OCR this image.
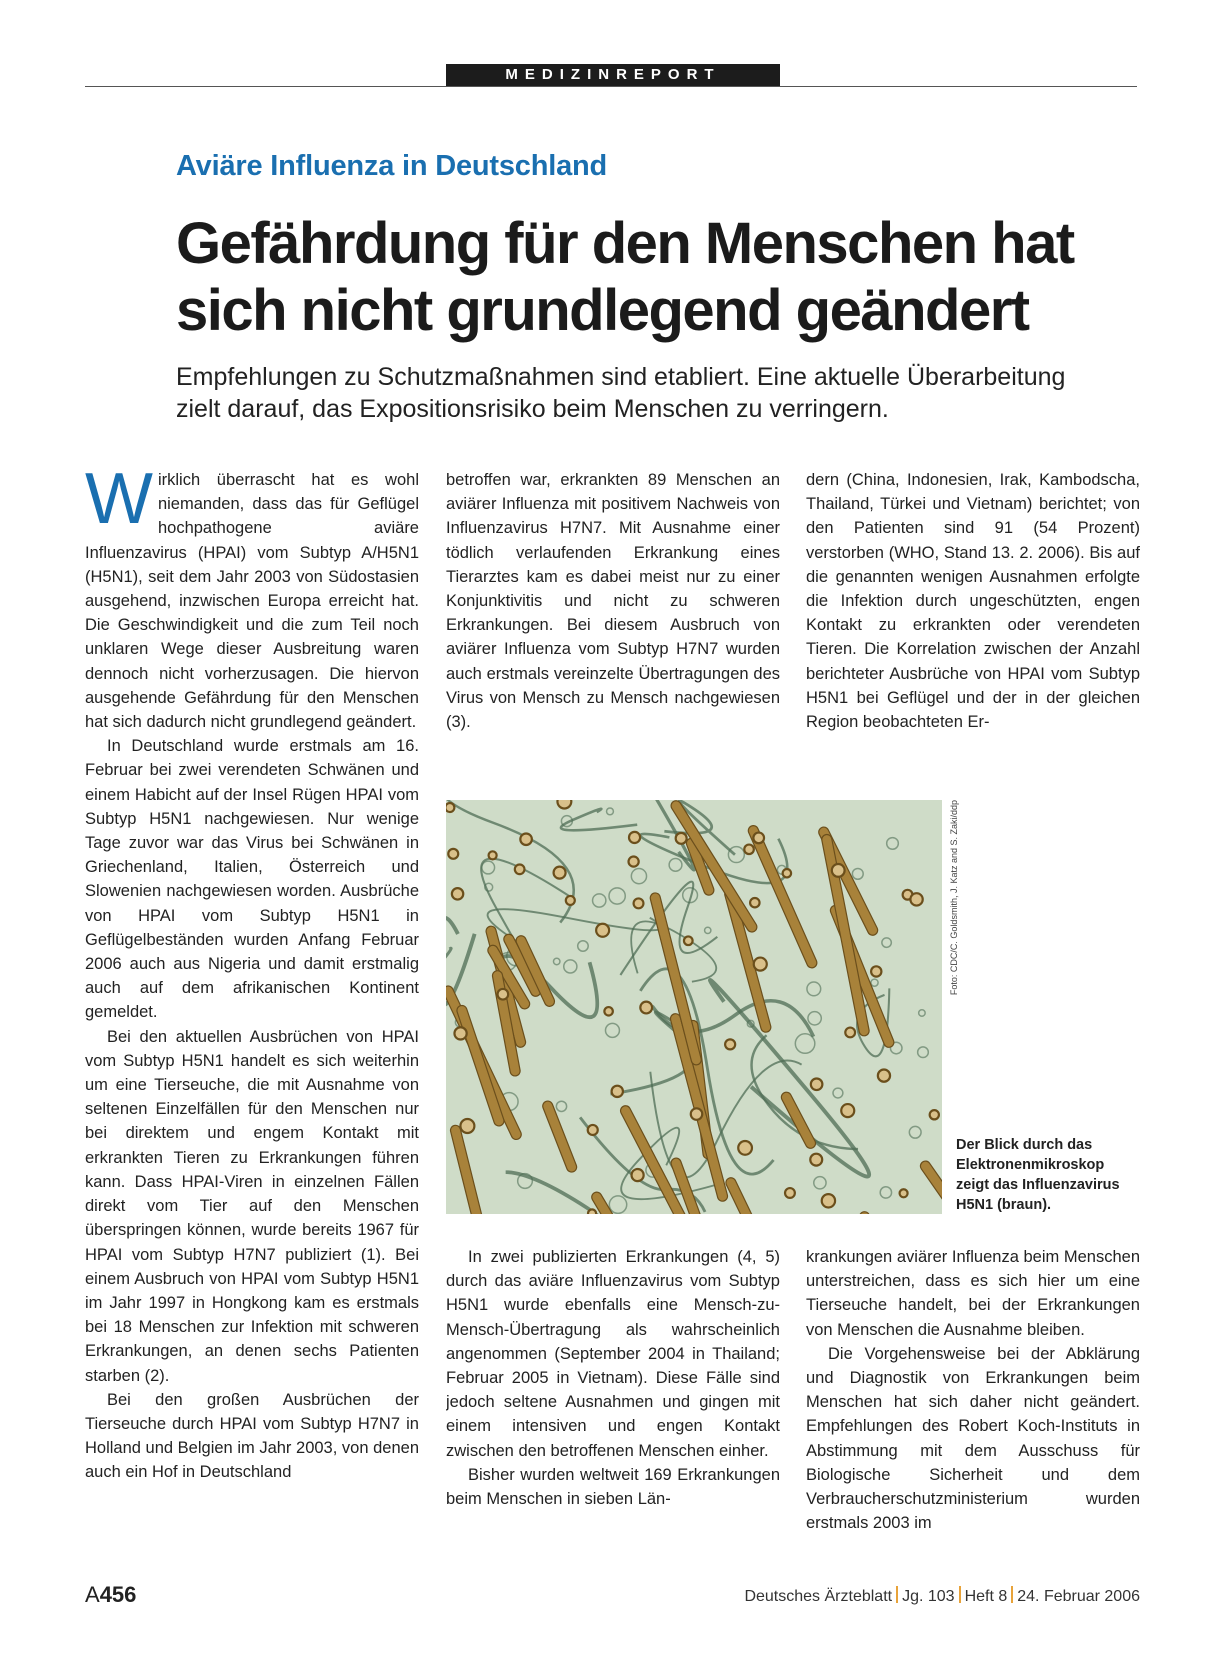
MEDIZINREPORT
Aviäre Influenza in Deutschland
Gefährdung für den Menschen hat
sich nicht grundlegend geändert

Empfehlungen zu Schutzmaßnahmen sind etabliert. Eine aktuelle Überarbeitung
zielt darauf, das Expositionsrisiko beim Menschen zu verringern.

Wirklich überrascht hat es wohl niemanden, dass das für Geflügel hochpathogene aviäre Influenzavirus (HPAI) vom Subtyp A/H5N1 (H5N1), seit dem Jahr 2003 von Südostasien ausgehend, inzwischen Europa erreicht hat. Die Geschwindigkeit und die zum Teil noch unklaren Wege dieser Ausbreitung waren dennoch nicht vorherzusagen. Die hiervon ausgehende Gefährdung für den Menschen hat sich dadurch nicht grundlegend geändert.

In Deutschland wurde erstmals am 16. Februar bei zwei verendeten Schwänen und einem Habicht auf der Insel Rügen HPAI vom Subtyp H5N1 nachgewiesen. Nur wenige Tage zuvor war das Virus bei Schwänen in Griechenland, Italien, Österreich und Slowenien nachgewiesen worden. Ausbrüche von HPAI vom Subtyp H5N1 in Geflügelbeständen wurden Anfang Februar 2006 auch aus Nigeria und damit erstmalig auch auf dem afrikanischen Kontinent gemeldet.

Bei den aktuellen Ausbrüchen von HPAI vom Subtyp H5N1 handelt es sich weiterhin um eine Tierseuche, die mit Ausnahme von seltenen Einzelfällen für den Menschen nur bei direktem und engem Kontakt mit erkrankten Tieren zu Erkrankungen führen kann. Dass HPAI-Viren in einzelnen Fällen direkt vom Tier auf den Menschen überspringen können, wurde bereits 1967 für HPAI vom Subtyp H7N7 publiziert (1). Bei einem Ausbruch von HPAI vom Subtyp H5N1 im Jahr 1997 in Hongkong kam es erstmals bei 18 Menschen zur Infektion mit schweren Erkrankungen, an denen sechs Patienten starben (2).

Bei den großen Ausbrüchen der Tierseuche durch HPAI vom Subtyp H7N7 in Holland und Belgien im Jahr 2003, von denen auch ein Hof in Deutschland

betroffen war, erkrankten 89 Menschen an aviärer Influenza mit positivem Nachweis von Influenzavirus H7N7. Mit Ausnahme einer tödlich verlaufenden Erkrankung eines Tierarztes kam es dabei meist nur zu einer Konjunktivitis und nicht zu schweren Erkrankungen. Bei diesem Ausbruch von aviärer Influenza vom Subtyp H7N7 wurden auch erstmals vereinzelte Übertragungen des Virus von Mensch zu Mensch nachgewiesen (3).

dern (China, Indonesien, Irak, Kambodscha, Thailand, Türkei und Vietnam) berichtet; von den Patienten sind 91 (54 Prozent) verstorben (WHO, Stand 13. 2. 2006). Bis auf die genannten wenigen Ausnahmen erfolgte die Infektion durch ungeschützten, engen Kontakt zu erkrankten oder verendeten Tieren. Die Korrelation zwischen der Anzahl berichteter Ausbrüche von HPAI vom Subtyp H5N1 bei Geflügel und der in der gleichen Region beobachteten Er-

Foto: CDC/C. Goldsmith, J. Katz and S. Zaki/ddp

Der Blick durch das
Elektronenmikroskop
zeigt das Influenzavirus
H5N1 (braun).

In zwei publizierten Erkrankungen (4, 5) durch das aviäre Influenzavirus vom Subtyp H5N1 wurde ebenfalls eine Mensch-zu-Mensch-Übertragung als wahrscheinlich angenommen (September 2004 in Thailand; Februar 2005 in Vietnam). Diese Fälle sind jedoch seltene Ausnahmen und gingen mit einem intensiven und engen Kontakt zwischen den betroffenen Menschen einher.

Bisher wurden weltweit 169 Erkrankungen beim Menschen in sieben Län-

krankungen aviärer Influenza beim Menschen unterstreichen, dass es sich hier um eine Tierseuche handelt, bei der Erkrankungen von Menschen die Ausnahme bleiben.

Die Vorgehensweise bei der Abklärung und Diagnostik von Erkrankungen beim Menschen hat sich daher nicht geändert. Empfehlungen des Robert Koch-Instituts in Abstimmung mit dem Ausschuss für Biologische Sicherheit und dem Verbraucherschutzministerium wurden erstmals 2003 im

A456	Deutsches Ärzteblatt Jg. 103 Heft 8 24. Februar 2006
